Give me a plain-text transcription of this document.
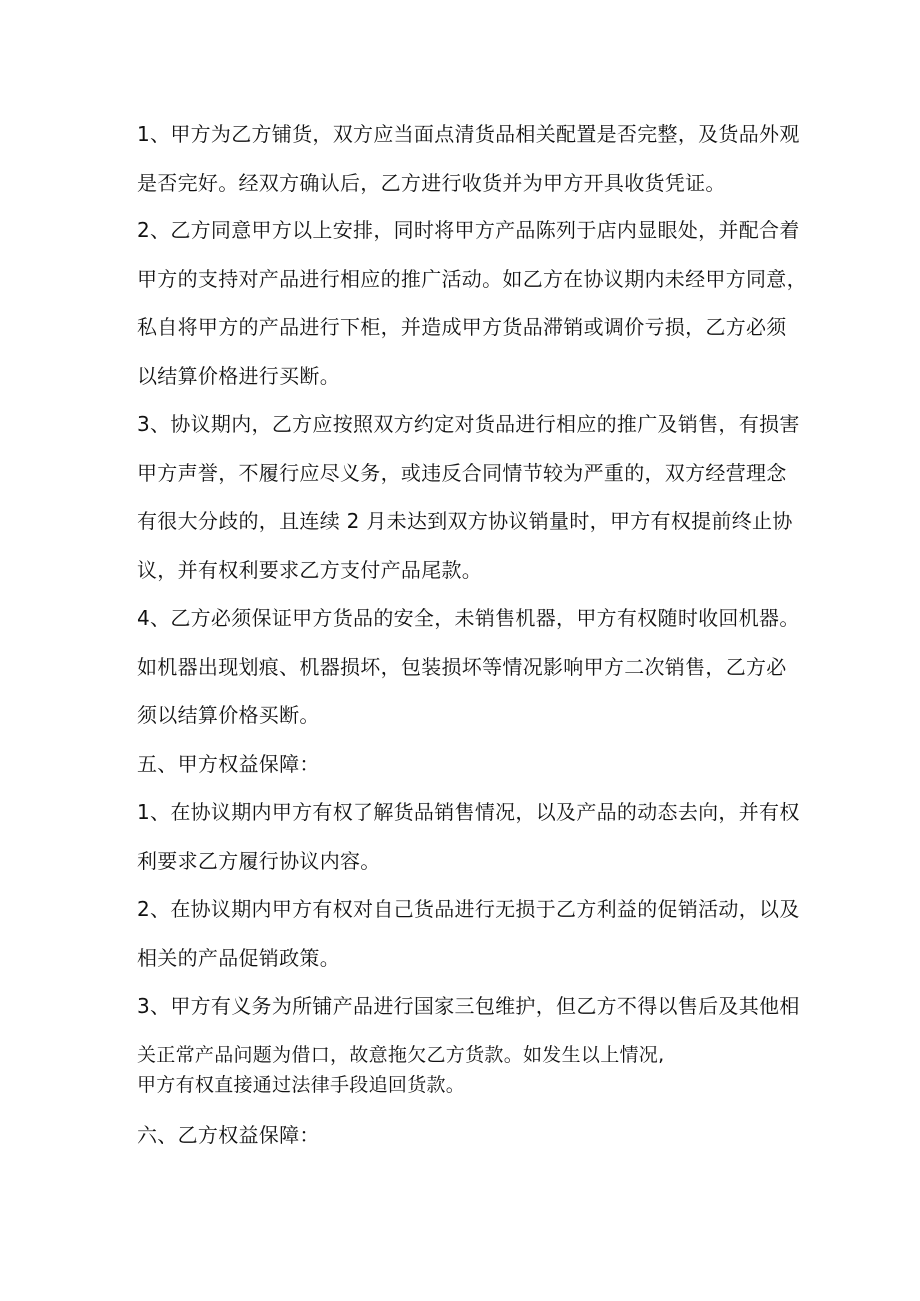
1、甲方为乙方铺货，双方应当面点清货品相关配置是否完整，及货品外观
是否完好。经双方确认后，乙方进行收货并为甲方开具收货凭证。
2、乙方同意甲方以上安排，同时将甲方产品陈列于店内显眼处，并配合着
甲方的支持对产品进行相应的推广活动。如乙方在协议期内未经甲方同意，
私自将甲方的产品进行下柜，并造成甲方货品滞销或调价亏损，乙方必须
以结算价格进行买断。
3、协议期内，乙方应按照双方约定对货品进行相应的推广及销售，有损害
甲方声誉，不履行应尽义务，或违反合同情节较为严重的，双方经营理念
有很大分歧的，且连续 2 月未达到双方协议销量时，甲方有权提前终止协
议，并有权利要求乙方支付产品尾款。
4、乙方必须保证甲方货品的安全，未销售机器，甲方有权随时收回机器。
如机器出现划痕、机器损坏，包装损坏等情况影响甲方二次销售，乙方必
须以结算价格买断。
五、甲方权益保障：
1、在协议期内甲方有权了解货品销售情况，以及产品的动态去向，并有权
利要求乙方履行协议内容。
2、在协议期内甲方有权对自己货品进行无损于乙方利益的促销活动，以及
相关的产品促销政策。
3、甲方有义务为所铺产品进行国家三包维护，但乙方不得以售后及其他相
关正常产品问题为借口，故意拖欠乙方货款。如发生以上情况,
甲方有权直接通过法律手段追回货款。
六、乙方权益保障：
